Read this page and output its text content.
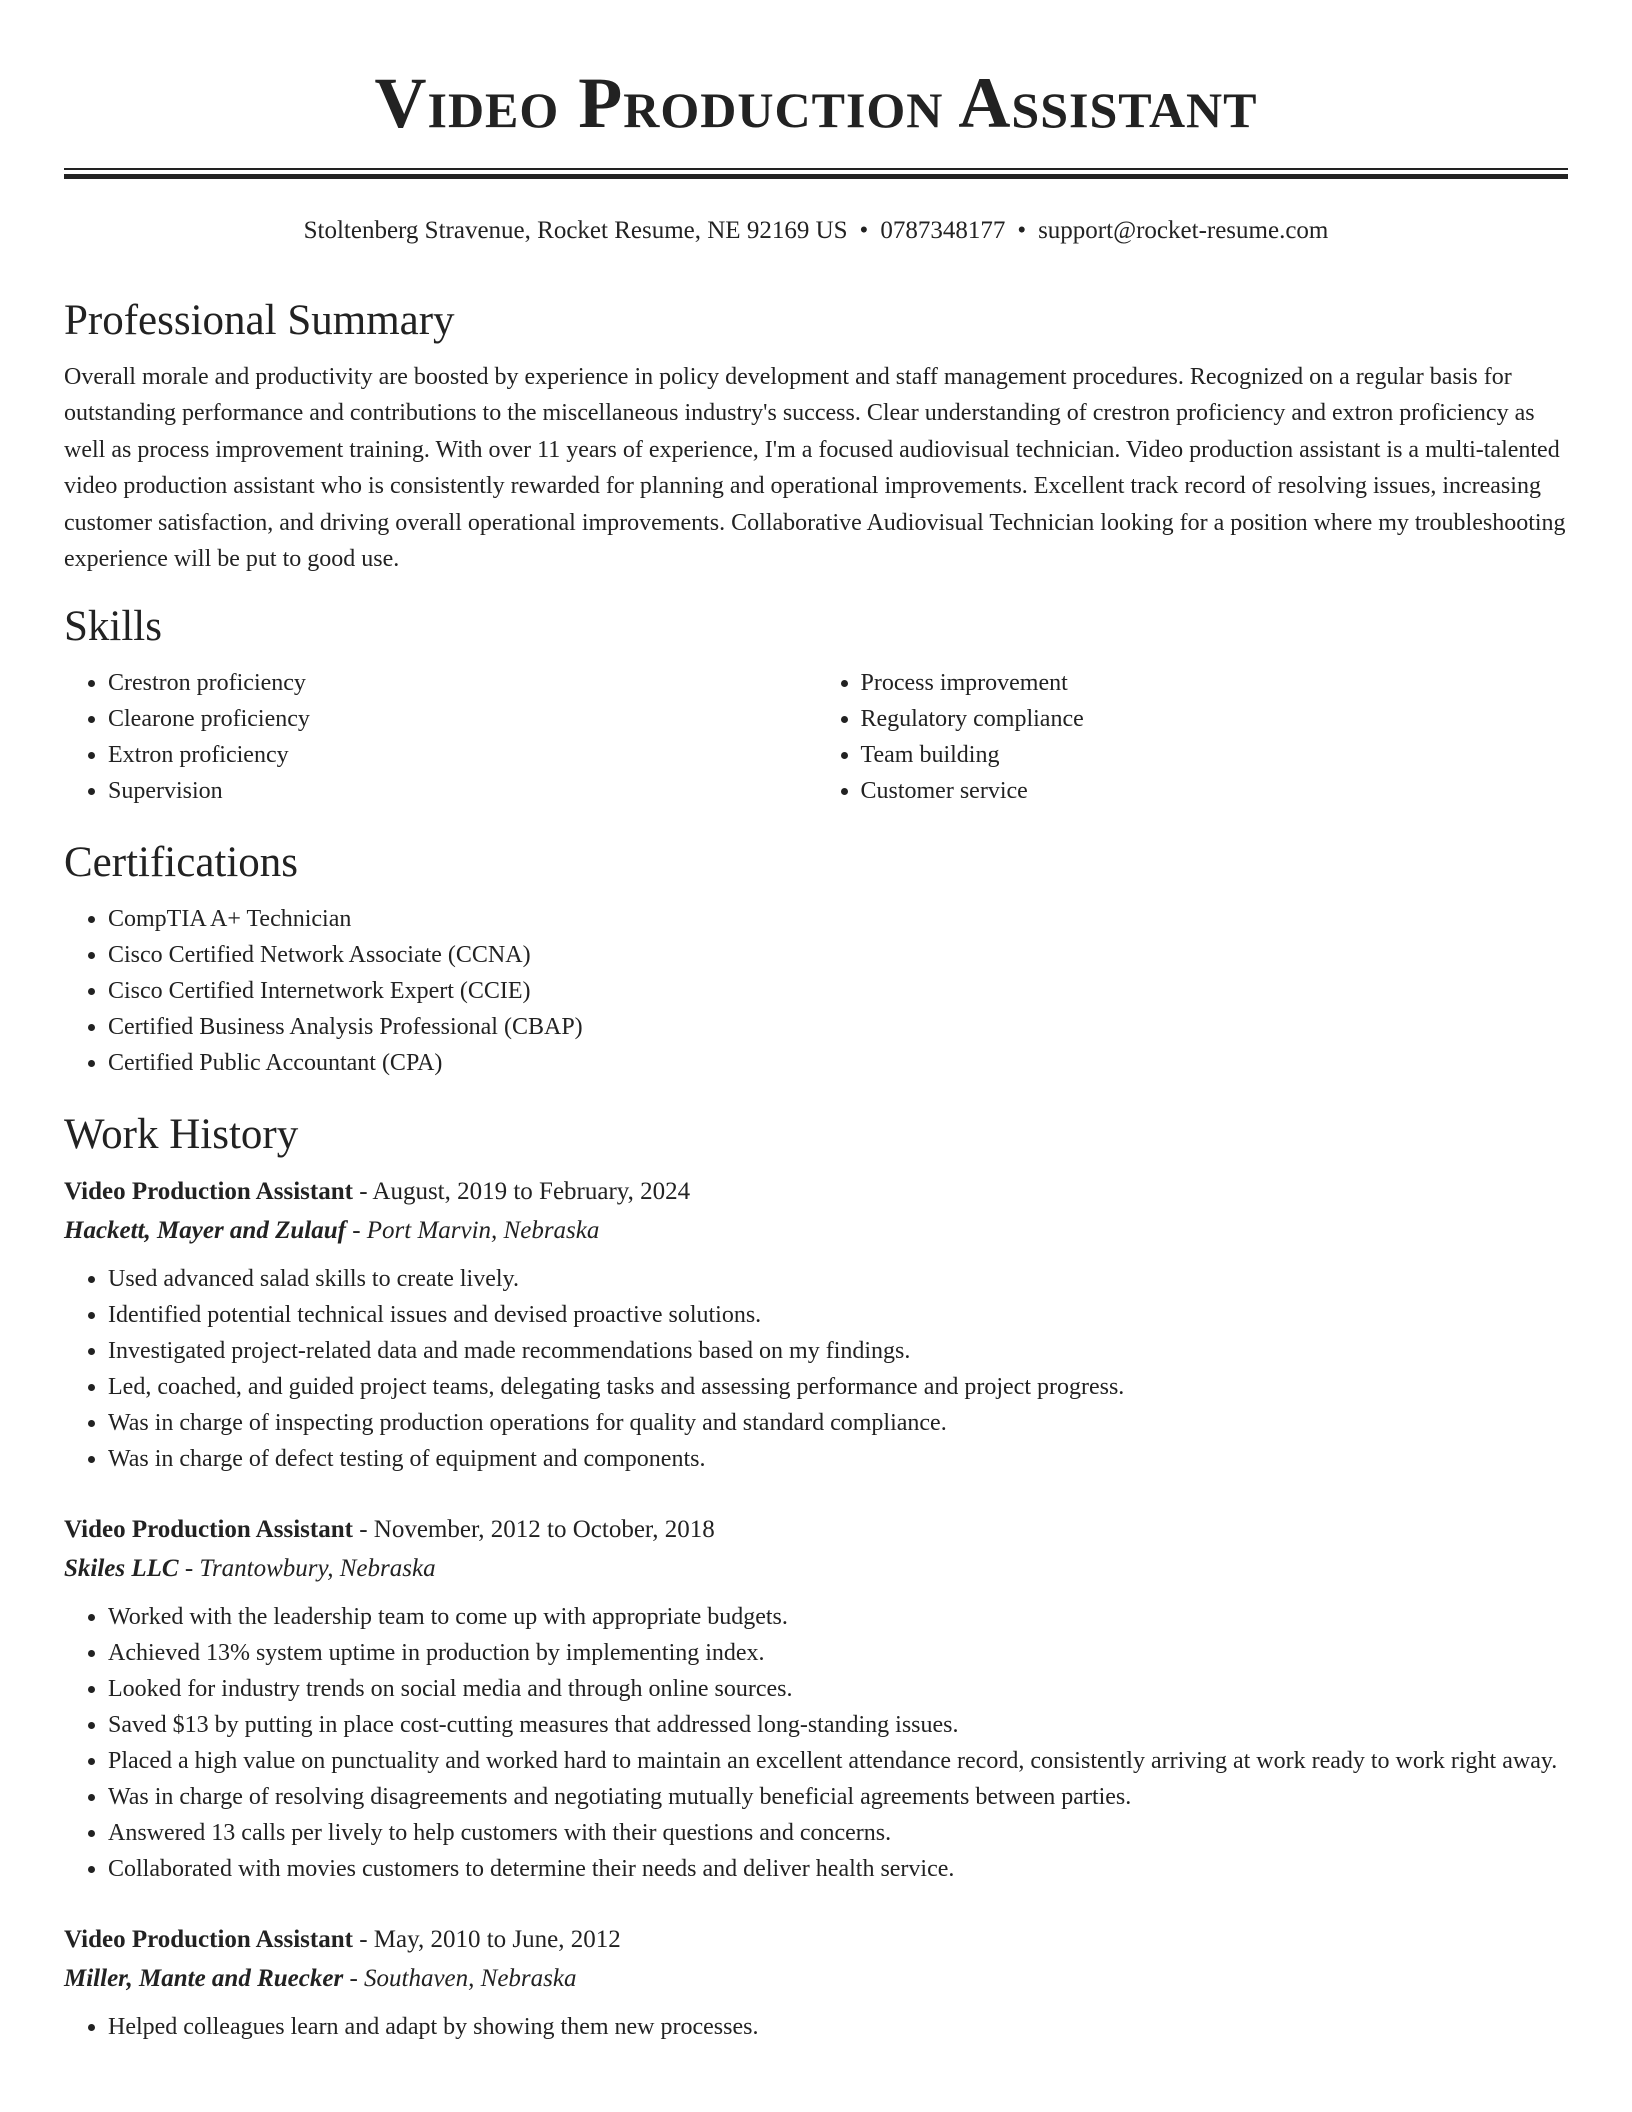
Video Production Assistant
Stoltenberg Stravenue, Rocket Resume, NE 92169 US • 0787348177 • support@rocket-resume.com
Professional Summary

Overall morale and productivity are boosted by experience in policy development and staff management procedures. Recognized on a regular basis for outstanding performance and contributions to the miscellaneous industry's success. Clear understanding of crestron proficiency and extron proficiency as well as process improvement training. With over 11 years of experience, I'm a focused audiovisual technician. Video production assistant is a multi-talented video production assistant who is consistently rewarded for planning and operational improvements. Excellent track record of resolving issues, increasing customer satisfaction, and driving overall operational improvements. Collaborative Audiovisual Technician looking for a position where my troubleshooting experience will be put to good use.

Skills
• Crestron proficiency
• Clearone proficiency
• Extron proficiency
• Supervision
• Process improvement
• Regulatory compliance
• Team building
• Customer service
Certifications
• CompTIA A+ Technician
• Cisco Certified Network Associate (CCNA)
• Cisco Certified Internetwork Expert (CCIE)
• Certified Business Analysis Professional (CBAP)
• Certified Public Accountant (CPA)
Work History
Video Production Assistant - August, 2019 to February, 2024
Hackett, Mayer and Zulauf - Port Marvin, Nebraska
• Used advanced salad skills to create lively.
• Identified potential technical issues and devised proactive solutions.
• Investigated project-related data and made recommendations based on my findings.
• Led, coached, and guided project teams, delegating tasks and assessing performance and project progress.
• Was in charge of inspecting production operations for quality and standard compliance.
• Was in charge of defect testing of equipment and components.
Video Production Assistant - November, 2012 to October, 2018
Skiles LLC - Trantowbury, Nebraska
• Worked with the leadership team to come up with appropriate budgets.
• Achieved 13% system uptime in production by implementing index.
• Looked for industry trends on social media and through online sources.
• Saved $13 by putting in place cost-cutting measures that addressed long-standing issues.
• Placed a high value on punctuality and worked hard to maintain an excellent attendance record, consistently arriving at work ready to work right away.
• Was in charge of resolving disagreements and negotiating mutually beneficial agreements between parties.
• Answered 13 calls per lively to help customers with their questions and concerns.
• Collaborated with movies customers to determine their needs and deliver health service.
Video Production Assistant - May, 2010 to June, 2012
Miller, Mante and Ruecker - Southaven, Nebraska
• Helped colleagues learn and adapt by showing them new processes.
